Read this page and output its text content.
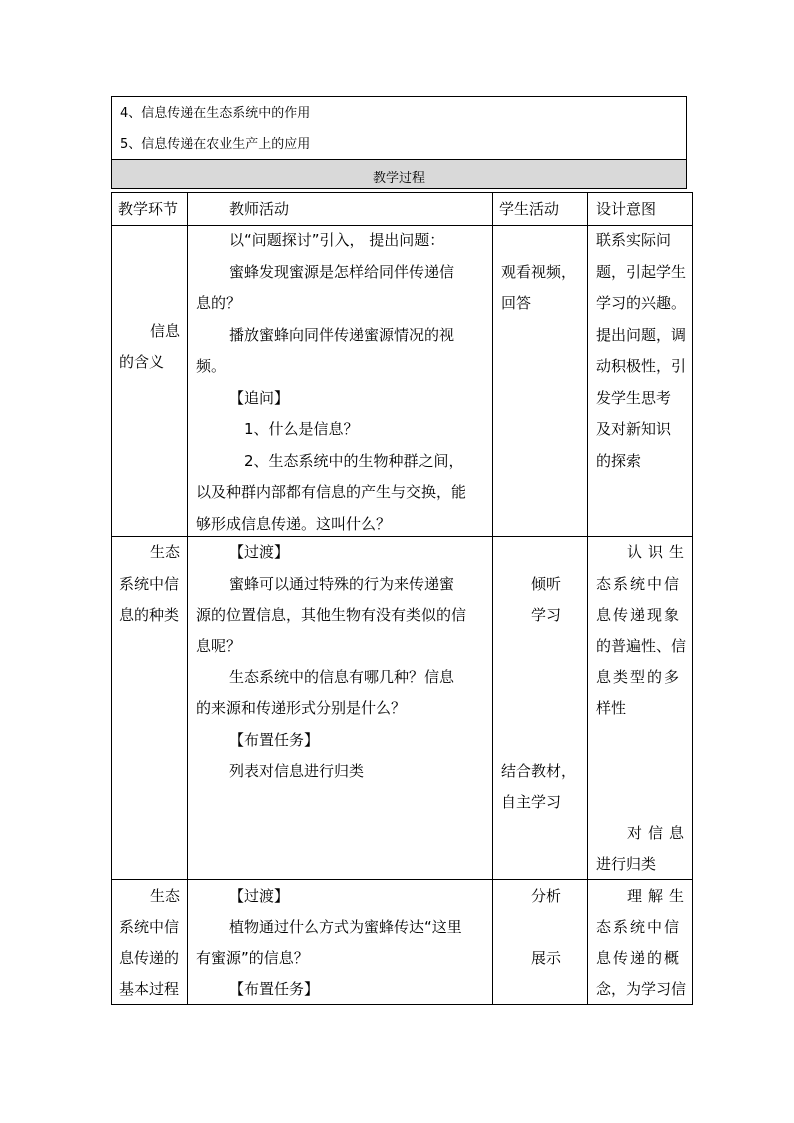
4、信息传递在生态系统中的作用
5、信息传递在农业生产上的应用
教学过程
教学环节	教师活动	学生活动 设计意图
信息
的含义
以“问题探讨”引入， 提出问题：
蜜蜂发现蜜源是怎样给同伴传递信
息的？
播放蜜蜂向同伴传递蜜源情况的视
频。
【追问】
1、什么是信息？
2、生态系统中的生物种群之间，
以及种群内部都有信息的产生与交换，能
够形成信息传递。这叫什么？
观看视频，
回答
联系实际问
题，引起学生
学习的兴趣。
提出问题，调
动积极性，引
发学生思考
及对新知识
的探索
生态
系统中信
息的种类
【过渡】
蜜蜂可以通过特殊的行为来传递蜜
源的位置信息，其他生物有没有类似的信
息呢？
生态系统中的信息有哪几种？信息
的来源和传递形式分别是什么？
【布置任务】
列表对信息进行归类
倾听
学习
结合教材，
自主学习
认识生
态系统中信
息传递现象
的普遍性、信
息类型的多
样性
对信息
进行归类
生态
系统中信
息传递的
基本过程
【过渡】
植物通过什么方式为蜜蜂传达“这里
有蜜源”的信息？
【布置任务】
分析
展示
理解生
态系统中信
息传递的概
念，为学习信
